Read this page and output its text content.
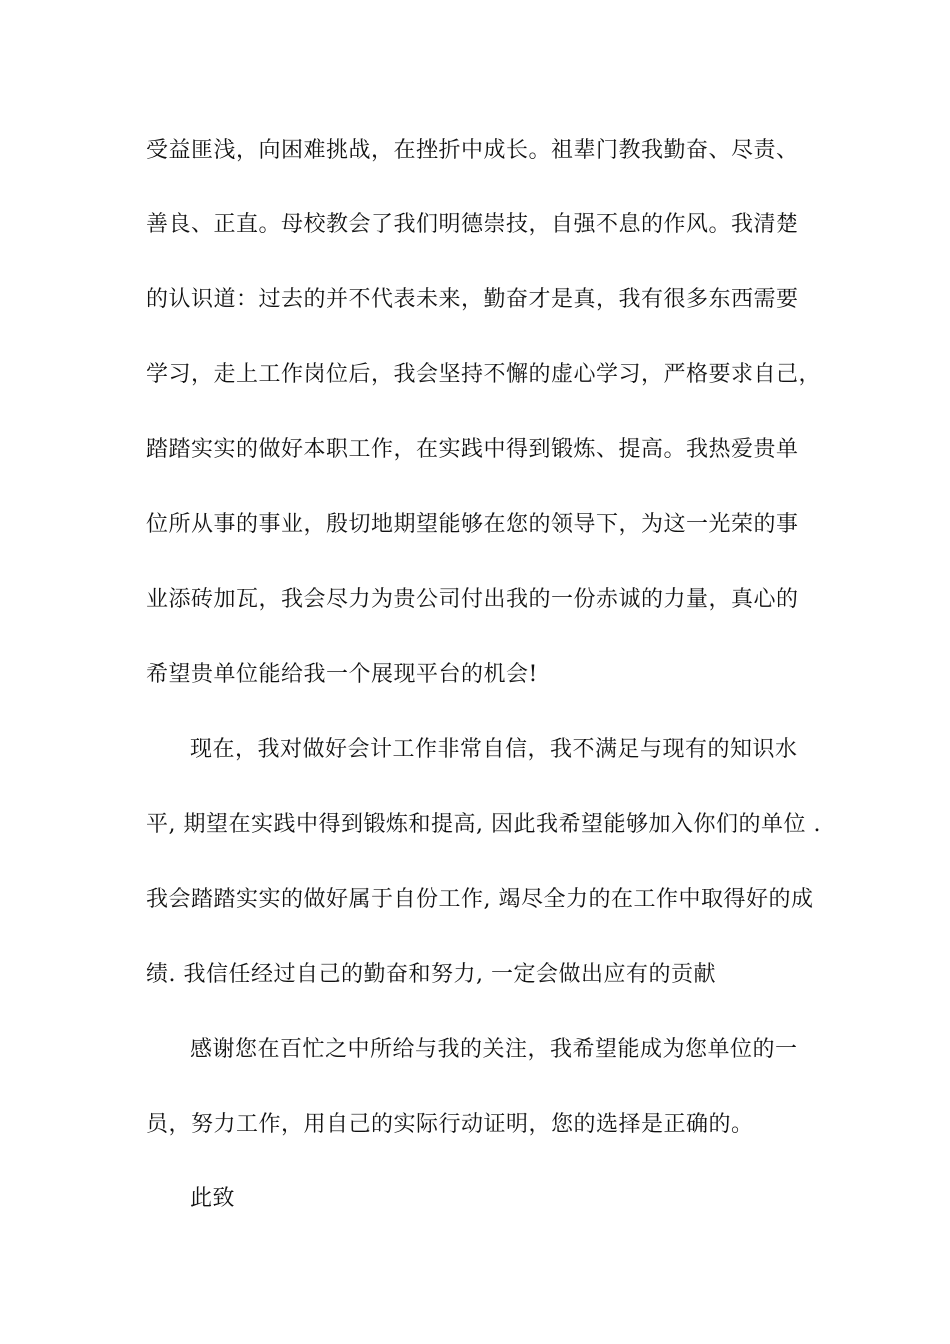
受益匪浅，向困难挑战，在挫折中成长。祖辈门教我勤奋、尽责、
善良、正直。母校教会了我们明德崇技，自强不息的作风。我清楚
的认识道：过去的并不代表未来，勤奋才是真，我有很多东西需要
学习，走上工作岗位后，我会坚持不懈的虚心学习，严格要求自己，
踏踏实实的做好本职工作，在实践中得到锻炼、提高。我热爱贵单
位所从事的事业，殷切地期望能够在您的领导下，为这一光荣的事
业添砖加瓦，我会尽力为贵公司付出我的一份赤诚的力量，真心的
希望贵单位能给我一个展现平台的机会!
现在，我对做好会计工作非常自信，我不满足与现有的知识水
平, 期望在实践中得到锻炼和提高, 因此我希望能够加入你们的单位 .
我会踏踏实实的做好属于自份工作, 竭尽全力的在工作中取得好的成
绩. 我信任经过自己的勤奋和努力, 一定会做出应有的贡献
感谢您在百忙之中所给与我的关注，我希望能成为您单位的一
员，努力工作，用自己的实际行动证明，您的选择是正确的。
此致
